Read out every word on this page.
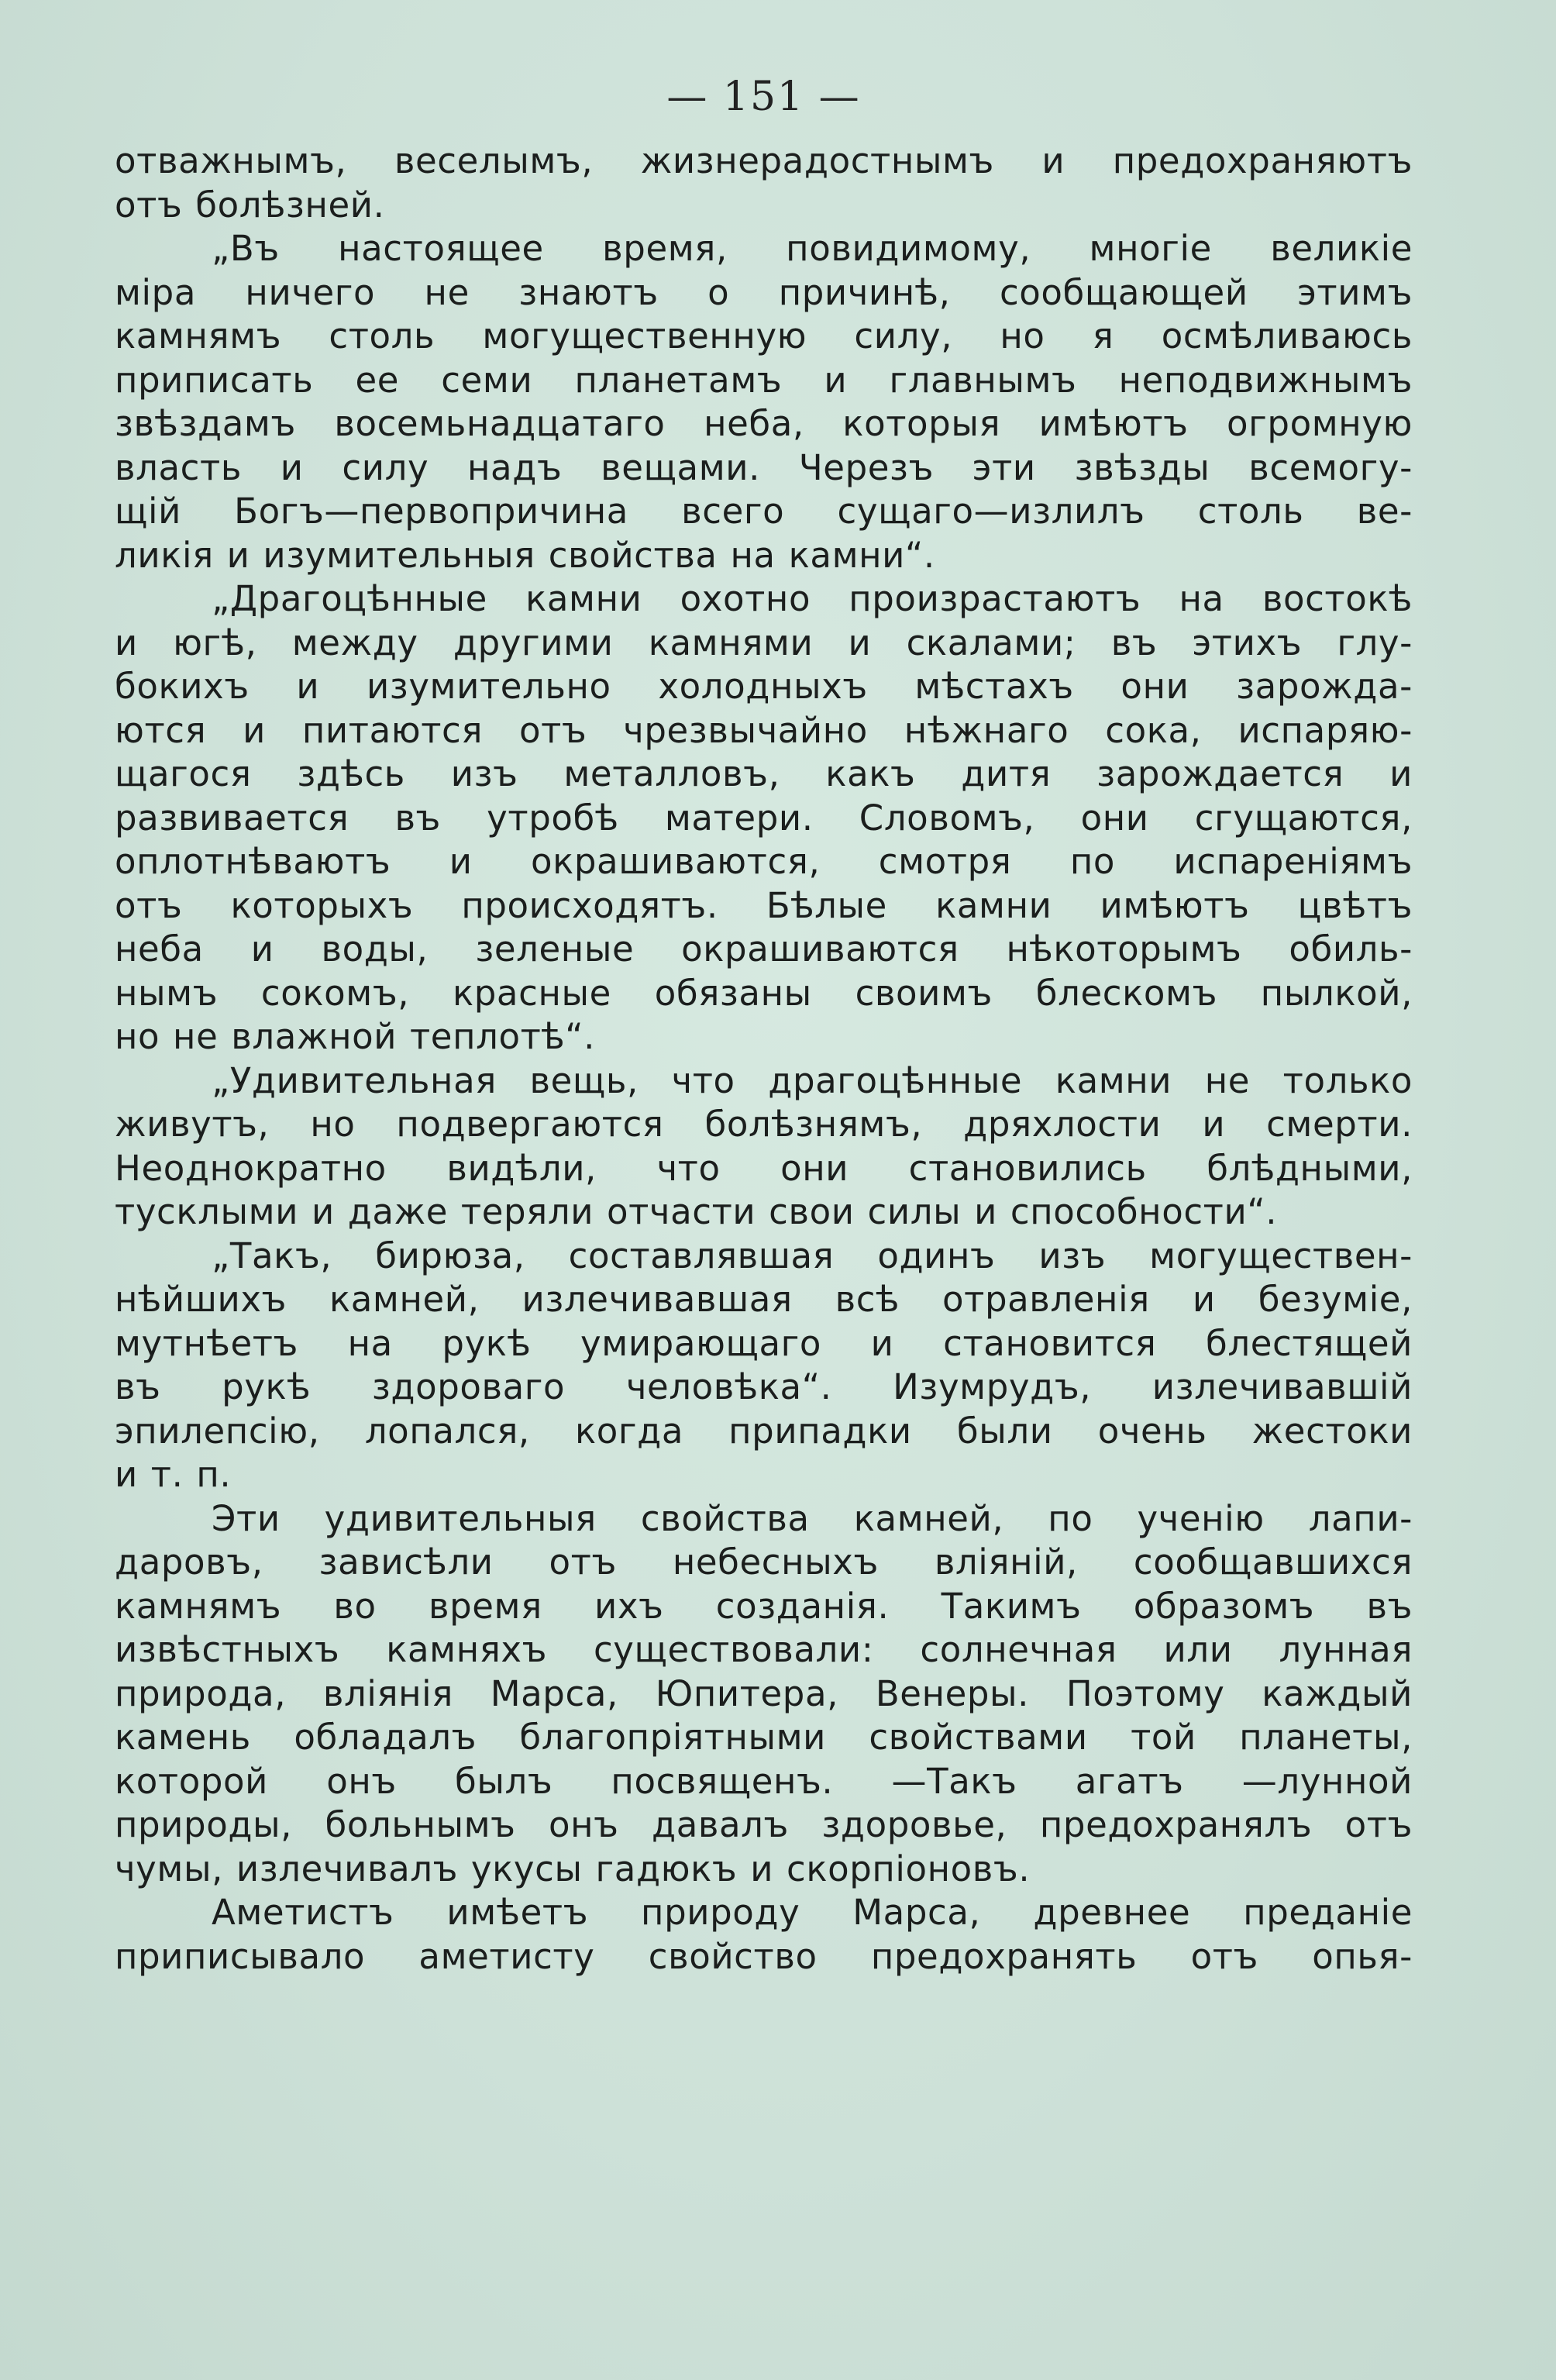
— 151 —
отважнымъ, веселымъ, жизнерадостнымъ и предохраняютъ
отъ болѣзней.
„Въ настоящее время, повидимому, многіе великіе
міра ничего не знаютъ о причинѣ, сообщающей этимъ
камнямъ столь могущественную силу, но я осмѣливаюсь
приписать ее семи планетамъ и главнымъ неподвижнымъ
звѣздамъ восемьнадцатаго неба, которыя имѣютъ огромную
власть и силу надъ вещами. Черезъ эти звѣзды всемогу-
щій Богъ—первопричина всего сущаго—излилъ столь ве-
ликія и изумительныя свойства на камни“.
„Драгоцѣнные камни охотно произрастаютъ на востокѣ
и югѣ, между другими камнями и скалами; въ этихъ глу-
бокихъ и изумительно холодныхъ мѣстахъ они зарожда-
ются и питаются отъ чрезвычайно нѣжнаго сока, испаряю-
щагося здѣсь изъ металловъ, какъ дитя зарождается и
развивается въ утробѣ матери. Словомъ, они сгущаются,
оплотнѣваютъ и окрашиваются, смотря по испареніямъ
отъ которыхъ происходятъ. Бѣлые камни имѣютъ цвѣтъ
неба и воды, зеленые окрашиваются нѣкоторымъ обиль-
нымъ сокомъ, красные обязаны своимъ блескомъ пылкой,
но не влажной теплотѣ“.
„Удивительная вещь, что драгоцѣнные камни не только
живутъ, но подвергаются болѣзнямъ, дряхлости и смерти.
Неоднократно видѣли, что они становились блѣдными,
тусклыми и даже теряли отчасти свои силы и способности“.
„Такъ, бирюза, составлявшая одинъ изъ могуществен-
нѣйшихъ камней, излечивавшая всѣ отравленія и безуміе,
мутнѣетъ на рукѣ умирающаго и становится блестящей
въ рукѣ здороваго человѣка“. Изумрудъ, излечивавшій
эпилепсію, лопался, когда припадки были очень жестоки
и т. п.
Эти удивительныя свойства камней, по ученію лапи-
даровъ, зависѣли отъ небесныхъ вліяній, сообщавшихся
камнямъ во время ихъ созданія. Такимъ образомъ въ
извѣстныхъ камняхъ существовали: солнечная или лунная
природа, вліянія Марса, Юпитера, Венеры. Поэтому каждый
камень обладалъ благопріятными свойствами той планеты,
которой онъ былъ посвященъ. —Такъ агатъ —лунной
природы, больнымъ онъ давалъ здоровье, предохранялъ отъ
чумы, излечивалъ укусы гадюкъ и скорпіоновъ.
Аметистъ имѣетъ природу Марса, древнее преданіе
приписывало аметисту свойство предохранять отъ опья-
